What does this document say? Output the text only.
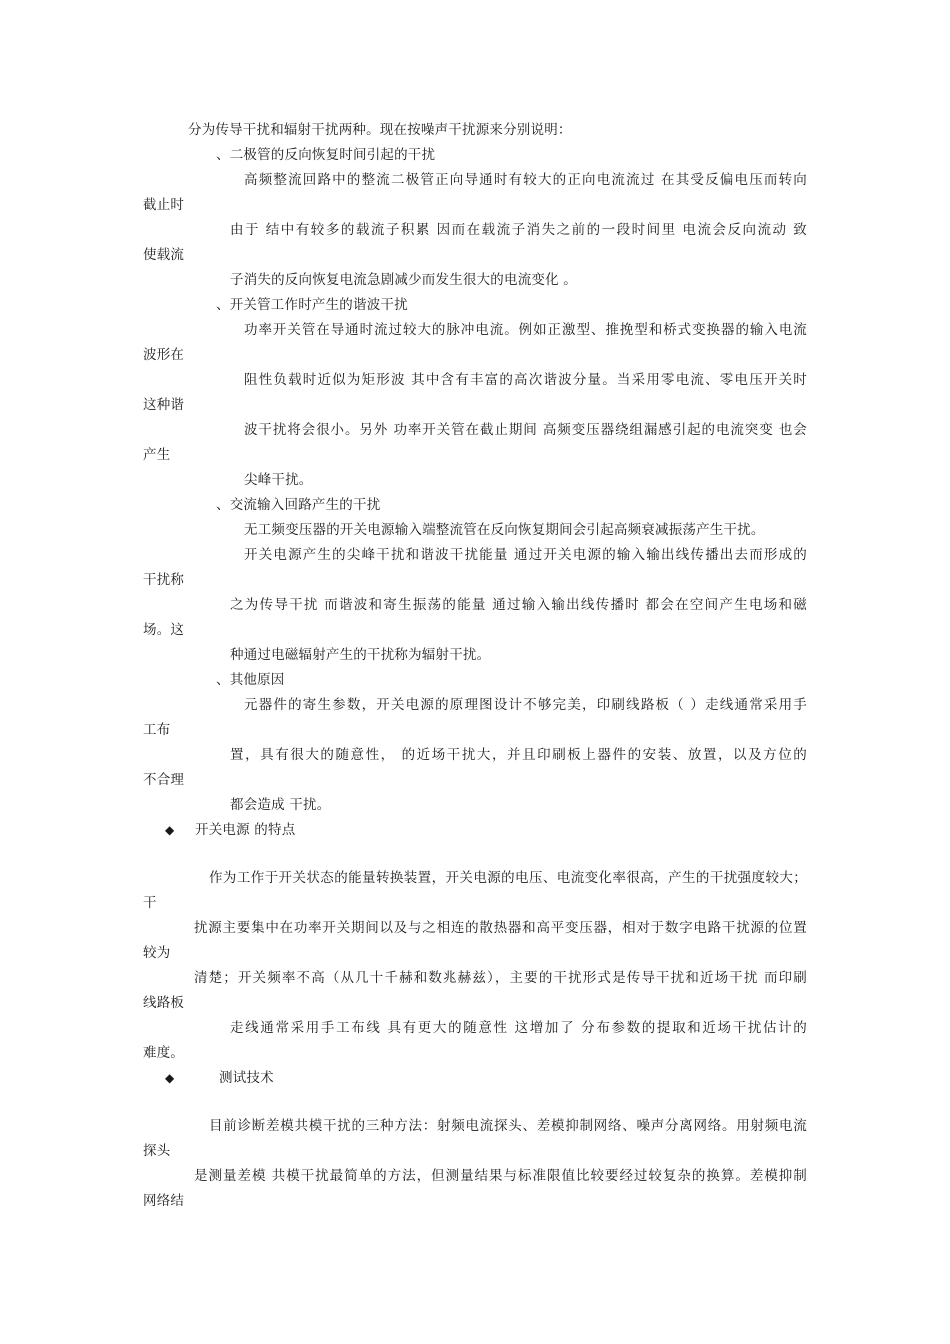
分为传导干扰和辐射干扰两种。现在按噪声干扰源来分别说明：
、二极管的反向恢复时间引起的干扰
高频整流回路中的整流二极管正向导通时有较大的正向电流流过 在其受反偏电压而转向
截止时
由于 结中有较多的载流子积累 因而在载流子消失之前的一段时间里 电流会反向流动 致
使载流
子消失的反向恢复电流急剧减少而发生很大的电流变化 。
、开关管工作时产生的谐波干扰
功率开关管在导通时流过较大的脉冲电流。例如正激型、推挽型和桥式变换器的输入电流
波形在
阻性负载时近似为矩形波 其中含有丰富的高次谐波分量。当采用零电流、零电压开关时
这种谐
波干扰将会很小。另外 功率开关管在截止期间 高频变压器绕组漏感引起的电流突变 也会
产生
尖峰干扰。
、交流输入回路产生的干扰
无工频变压器的开关电源输入端整流管在反向恢复期间会引起高频衰减振荡产生干扰。
开关电源产生的尖峰干扰和谐波干扰能量 通过开关电源的输入输出线传播出去而形成的
干扰称
之为传导干扰 而谐波和寄生振荡的能量 通过输入输出线传播时 都会在空间产生电场和磁
场。这
种通过电磁辐射产生的干扰称为辐射干扰。
、其他原因
元器件的寄生参数，开关电源的原理图设计不够完美，印刷线路板（ ）走线通常采用手
工布
置，具有很大的随意性， 的近场干扰大，并且印刷板上器件的安装、放置，以及方位的
不合理
都会造成 干扰。
◆ 开关电源 的特点
作为工作于开关状态的能量转换装置，开关电源的电压、电流变化率很高，产生的干扰强度较大；
干
扰源主要集中在功率开关期间以及与之相连的散热器和高平变压器，相对于数字电路干扰源的位置
较为
清楚；开关频率不高（从几十千赫和数兆赫兹），主要的干扰形式是传导干扰和近场干扰 而印刷
线路板
走线通常采用手工布线 具有更大的随意性 这增加了 分布参数的提取和近场干扰估计的
难度。
◆	测试技术
目前诊断差模共模干扰的三种方法：射频电流探头、差模抑制网络、噪声分离网络。用射频电流
探头
是测量差模 共模干扰最简单的方法，但测量结果与标准限值比较要经过较复杂的换算。差模抑制
网络结
